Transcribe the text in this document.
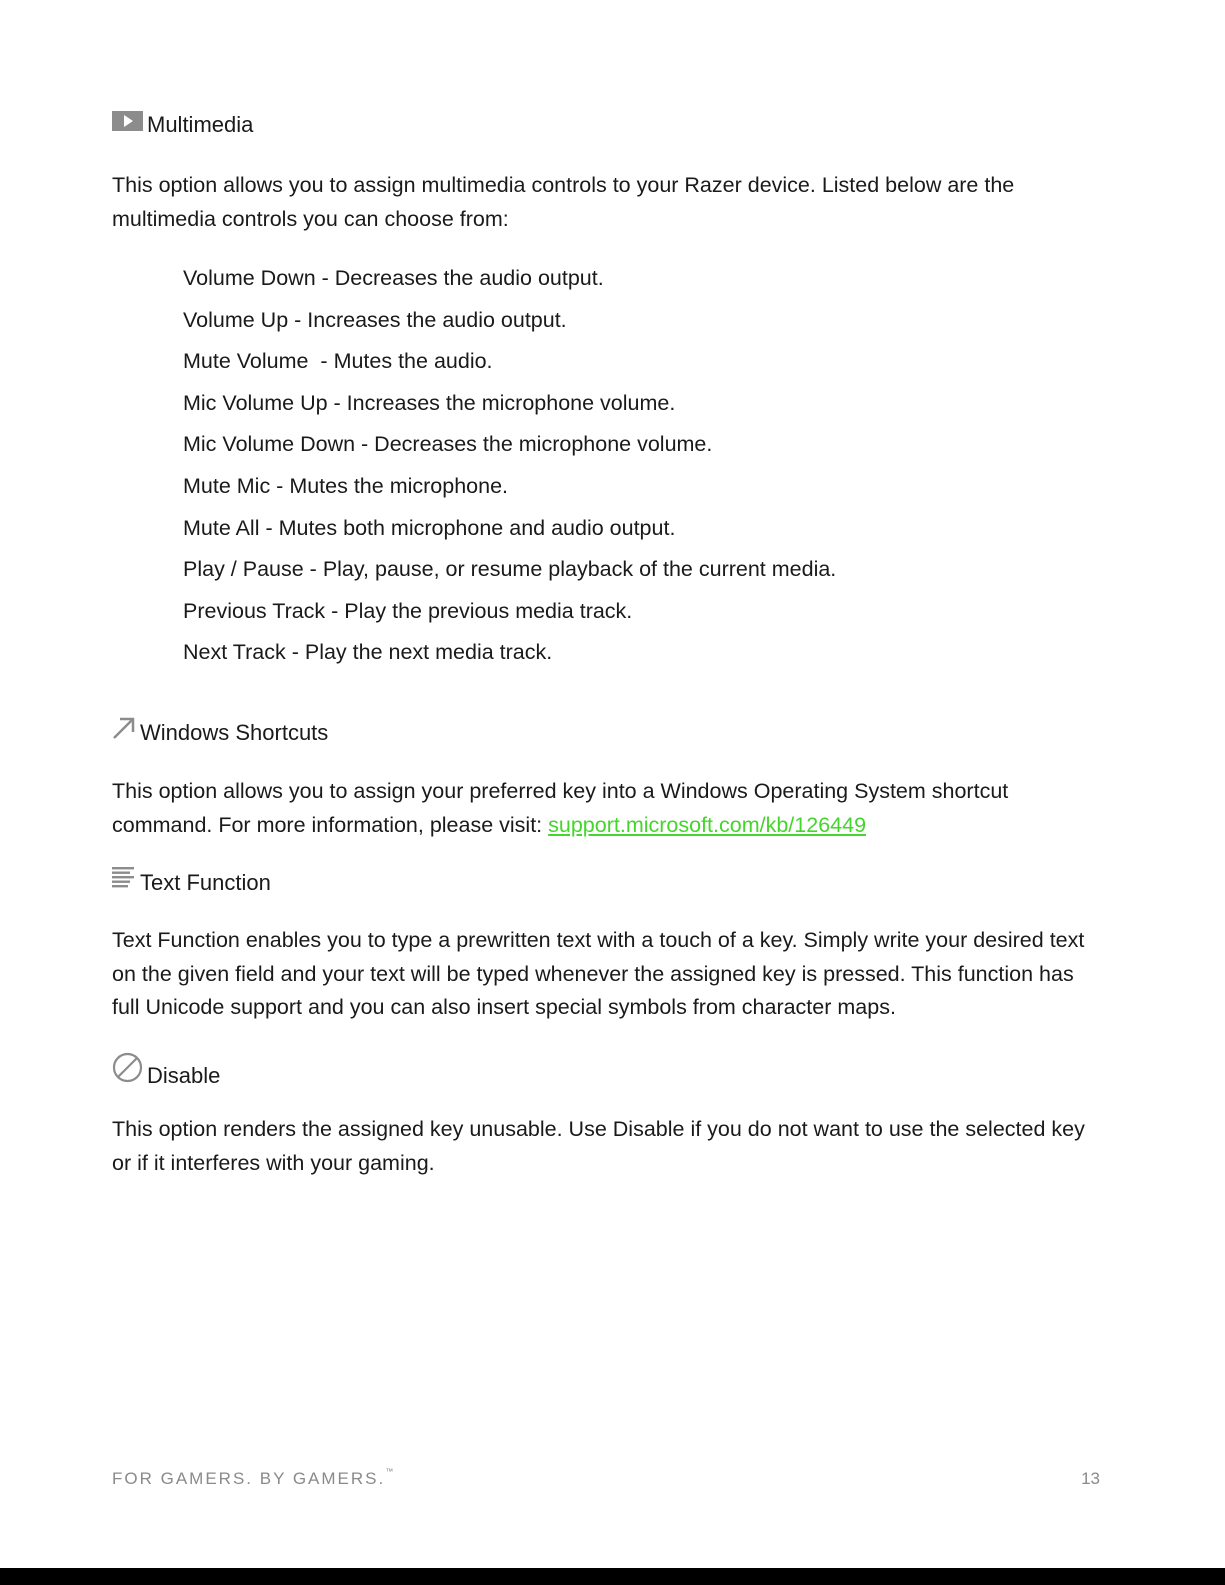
Multimedia

This option allows you to assign multimedia controls to your Razer device. Listed below are the multimedia controls you can choose from:

Volume Down - Decreases the audio output.
Volume Up - Increases the audio output.
Mute Volume  - Mutes the audio.
Mic Volume Up - Increases the microphone volume.
Mic Volume Down - Decreases the microphone volume.
Mute Mic - Mutes the microphone.
Mute All - Mutes both microphone and audio output.
Play / Pause - Play, pause, or resume playback of the current media.
Previous Track - Play the previous media track.
Next Track - Play the next media track.
Windows Shortcuts

This option allows you to assign your preferred key into a Windows Operating System shortcut command. For more information, please visit: support.microsoft.com/kb/126449

Text Function

Text Function enables you to type a prewritten text with a touch of a key. Simply write your desired text on the given field and your text will be typed whenever the assigned key is pressed. This function has full Unicode support and you can also insert special symbols from character maps.

Disable

This option renders the assigned key unusable. Use Disable if you do not want to use the selected key or if it interferes with your gaming.

FOR GAMERS. BY GAMERS.™	13
